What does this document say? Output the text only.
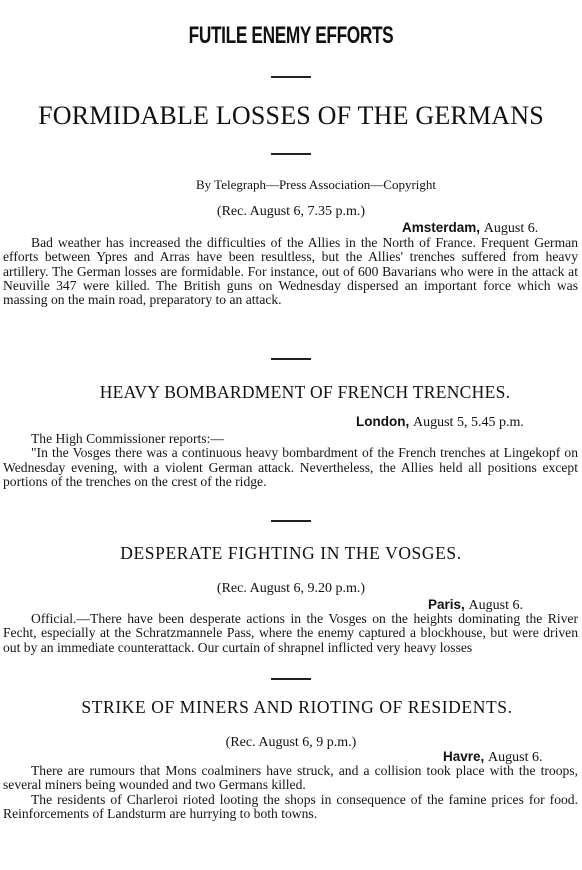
FUTILE ENEMY EFFORTS
FORMIDABLE LOSSES OF THE GERMANS
By Telegraph—Press Association—Copyright
(Rec. August 6, 7.35 p.m.)
Amsterdam, August 6.

Bad weather has increased the difficulties of the Allies in the North of France. Frequent German efforts between Ypres and Arras have been resultless, but the Allies' trenches suffered from heavy artillery. The German losses are formidable. For instance, out of 600 Bavarians who were in the attack at Neuville 347 were killed. The British guns on Wednesday dispersed an important force which was massing on the main road, preparatory to an attack.

HEAVY BOMBARDMENT OF FRENCH TRENCHES.
London, August 5, 5.45 p.m.

The High Commissioner reports:—

"In the Vosges there was a continuous heavy bombardment of the French trenches at Lingekopf on Wednesday evening, with a violent German attack. Nevertheless, the Allies held all positions except portions of the trenches on the crest of the ridge.

DESPERATE FIGHTING IN THE VOSGES.
(Rec. August 6, 9.20 p.m.)
Paris, August 6.

Official.—There have been desperate actions in the Vosges on the heights dominating the River Fecht, especially at the Schratzmannele Pass, where the enemy captured a blockhouse, but were driven out by an immediate counterattack. Our curtain of shrapnel inflicted very heavy losses

STRIKE OF MINERS AND RIOTING OF RESIDENTS.
(Rec. August 6, 9 p.m.)
Havre, August 6.

There are rumours that Mons coalminers have struck, and a collision took place with the troops, several miners being wounded and two Germans killed.

The residents of Charleroi rioted looting the shops in consequence of the famine prices for food. Reinforcements of Landsturm are hurrying to both towns.
